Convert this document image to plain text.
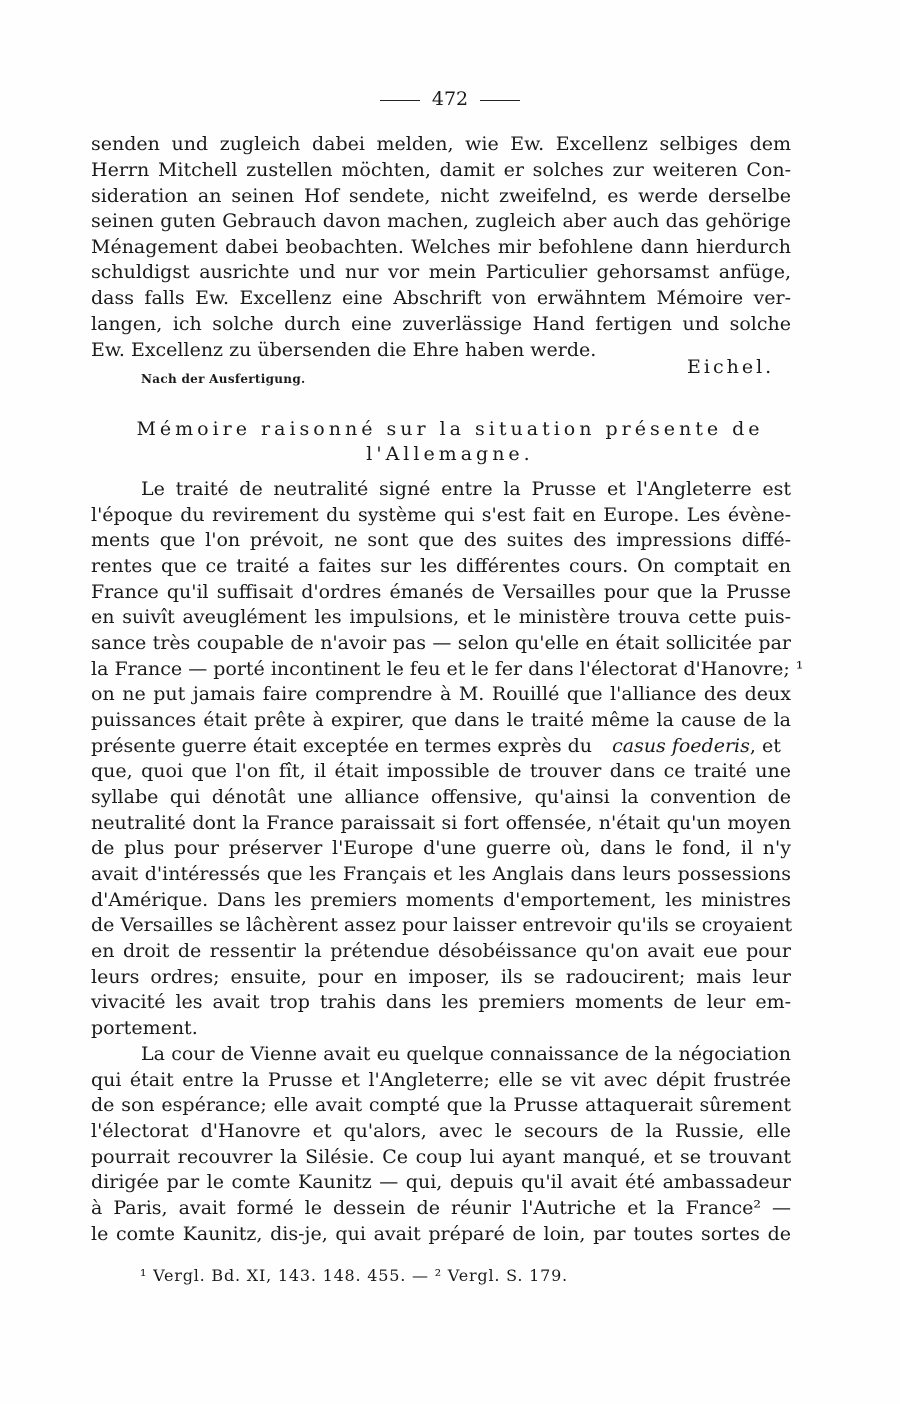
472
senden und zugleich dabei melden, wie Ew. Excellenz selbiges dem
Herrn Mitchell zustellen möchten, damit er solches zur weiteren Con-
sideration an seinen Hof sendete, nicht zweifelnd, es werde derselbe
seinen guten Gebrauch davon machen, zugleich aber auch das gehörige
Ménagement dabei beobachten. Welches mir befohlene dann hierdurch
schuldigst ausrichte und nur vor mein Particulier gehorsamst anfüge,
dass falls Ew. Excellenz eine Abschrift von erwähntem Mémoire ver-
langen, ich solche durch eine zuverlässige Hand fertigen und solche
Ew. Excellenz zu übersenden die Ehre haben werde.
Eichel.
Nach der Ausfertigung.
Mémoire raisonné sur la situation présente de
l'Allemagne.
Le traité de neutralité signé entre la Prusse et l'Angleterre est
l'époque du revirement du système qui s'est fait en Europe. Les évène-
ments que l'on prévoit, ne sont que des suites des impressions diffé-
rentes que ce traité a faites sur les différentes cours. On comptait en
France qu'il suffisait d'ordres émanés de Versailles pour que la Prusse
en suivît aveuglément les impulsions, et le ministère trouva cette puis-
sance très coupable de n'avoir pas — selon qu'elle en était sollicitée par
la France — porté incontinent le feu et le fer dans l'électorat d'Hanovre; ¹
on ne put jamais faire comprendre à M. Rouillé que l'alliance des deux
puissances était prête à expirer, que dans le traité même la cause de la
présente guerre était exceptée en termes exprès du casus foederis, et
que, quoi que l'on fît, il était impossible de trouver dans ce traité une
syllabe qui dénotât une alliance offensive, qu'ainsi la convention de
neutralité dont la France paraissait si fort offensée, n'était qu'un moyen
de plus pour préserver l'Europe d'une guerre où, dans le fond, il n'y
avait d'intéressés que les Français et les Anglais dans leurs possessions
d'Amérique. Dans les premiers moments d'emportement, les ministres
de Versailles se lâchèrent assez pour laisser entrevoir qu'ils se croyaient
en droit de ressentir la prétendue désobéissance qu'on avait eue pour
leurs ordres; ensuite, pour en imposer, ils se radoucirent; mais leur
vivacité les avait trop trahis dans les premiers moments de leur em-
portement.
La cour de Vienne avait eu quelque connaissance de la négociation
qui était entre la Prusse et l'Angleterre; elle se vit avec dépit frustrée
de son espérance; elle avait compté que la Prusse attaquerait sûrement
l'électorat d'Hanovre et qu'alors, avec le secours de la Russie, elle
pourrait recouvrer la Silésie. Ce coup lui ayant manqué, et se trouvant
dirigée par le comte Kaunitz — qui, depuis qu'il avait été ambassadeur
à Paris, avait formé le dessein de réunir l'Autriche et la France² —
le comte Kaunitz, dis-je, qui avait préparé de loin, par toutes sortes de
¹ Vergl. Bd. XI, 143. 148. 455. — ² Vergl. S. 179.
